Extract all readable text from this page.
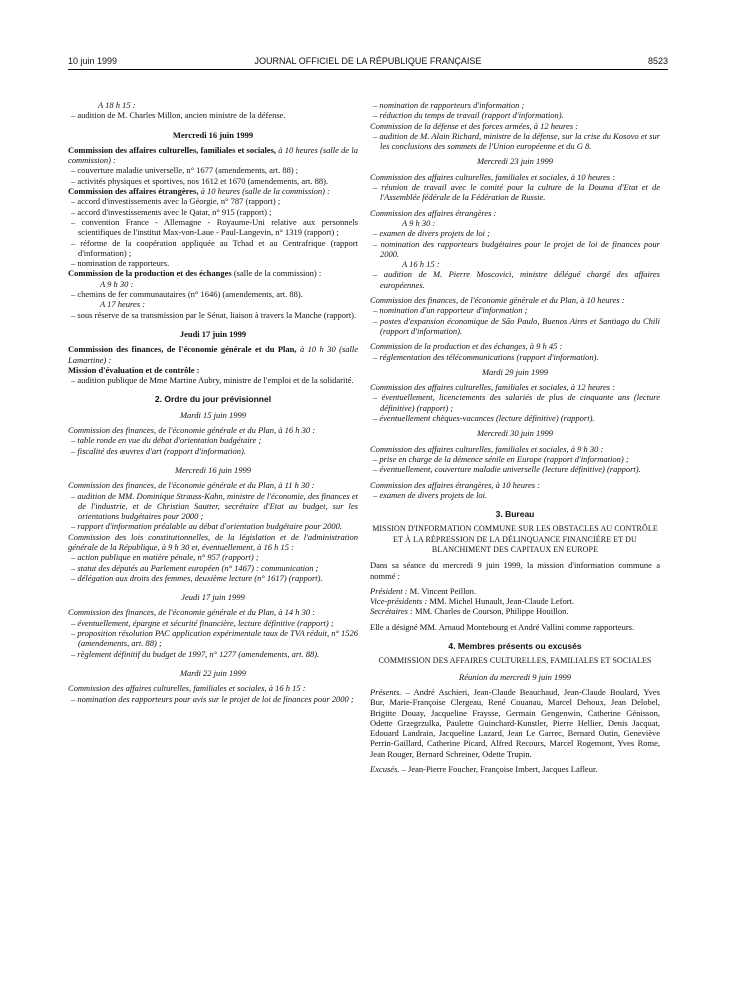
10 juin 1999	JOURNAL OFFICIEL DE LA RÉPUBLIQUE FRANÇAISE	8523

A 18 h 15 :

– audition de M. Charles Millon, ancien ministre de la défense.

Mercredi 16 juin 1999

Commission des affaires culturelles, familiales et sociales, à 10 heures (salle de la commission) :

– couverture maladie universelle, n° 1677 (amendements, art. 88) ;

– activités physiques et sportives, nos 1612 et 1670 (amendements, art. 88).

Commission des affaires étrangères, à 10 heures (salle de la commission) :

– accord d'investissements avec la Géorgie, n° 787 (rapport) ;

– accord d'investissements avec le Qatar, n° 915 (rapport) ;

– convention France - Allemagne - Royaume-Uni relative aux personnels scientifiques de l'institut Max-von-Laue - Paul-Langevin, n° 1319 (rapport) ;

– réforme de la coopération appliquée au Tchad et au Centrafrique (rapport d'information) ;

– nomination de rapporteurs.

Commission de la production et des échanges (salle de la commission) :

A 9 h 30 :

– chemins de fer communautaires (n° 1646) (amendements, art. 88).

A 17 heures :

– sous réserve de sa transmission par le Sénat, liaison à travers la Manche (rapport).

Jeudi 17 juin 1999

Commission des finances, de l'économie générale et du Plan, à 10 h 30 (salle Lamartine) :

Mission d'évaluation et de contrôle :

– audition publique de Mme Martine Aubry, ministre de l'emploi et de la solidarité.

2. Ordre du jour prévisionnel

Mardi 15 juin 1999

Commission des finances, de l'économie générale et du Plan, à 16 h 30 :

– table ronde en vue du débat d'orientation budgétaire ;

– fiscalité des œuvres d'art (rapport d'information).

Mercredi 16 juin 1999

Commission des finances, de l'économie générale et du Plan, à 11 h 30 :

– audition de MM. Dominique Strauss-Kahn, ministre de l'économie, des finances et de l'industrie, et de Christian Sautter, secrétaire d'Etat au budget, sur les orientations budgétaires pour 2000 ;

– rapport d'information préalable au débat d'orientation budgétaire pour 2000.

Commission des lois constitutionnelles, de la législation et de l'administration générale de la République, à 9 h 30 et, éventuellement, à 16 h 15 :

– action publique en matière pénale, n° 957 (rapport) ;

– statut des députés au Parlement européen (n° 1467) : communication ;

– délégation aux droits des femmes, deuxième lecture (n° 1617) (rapport).

Jeudi 17 juin 1999

Commission des finances, de l'économie générale et du Plan, à 14 h 30 :

– éventuellement, épargne et sécurité financière, lecture définitive (rapport) ;

– proposition résolution PAC application expérimentale taux de TVA réduit, n° 1526 (amendements, art. 88) ;

– règlement définitif du budget de 1997, n° 1277 (amendements, art. 88).

Mardi 22 juin 1999

Commission des affaires culturelles, familiales et sociales, à 16 h 15 :

– nomination des rapporteurs pour avis sur le projet de loi de finances pour 2000 ;

– nomination de rapporteurs d'information ;

– réduction du temps de travail (rapport d'information).

Commission de la défense et des forces armées, à 12 heures :

– audition de M. Alain Richard, ministre de la défense, sur la crise du Kosovo et sur les conclusions des sommets de l'Union européenne et du G 8.

Mercredi 23 juin 1999

Commission des affaires culturelles, familiales et sociales, à 10 heures :

– réunion de travail avec le comité pour la culture de la Douma d'Etat et de l'Assemblée fédérale de la Fédération de Russie.

Commission des affaires étrangères :

A 9 h 30 :

– examen de divers projets de loi ;

– nomination des rapporteurs budgétaires pour le projet de loi de finances pour 2000.

A 16 h 15 :

– audition de M. Pierre Moscovici, ministre délégué chargé des affaires européennes.

Commission des finances, de l'économie générale et du Plan, à 10 heures :

– nomination d'un rapporteur d'information ;

– postes d'expansion économique de São Paulo, Buenos Aires et Santiago du Chili (rapport d'information).

Commission de la production et des échanges, à 9 h 45 :

– réglementation des télécommunications (rapport d'information).

Mardi 29 juin 1999

Commission des affaires culturelles, familiales et sociales, à 12 heures :

– éventuellement, licenciements des salariés de plus de cinquante ans (lecture définitive) (rapport) ;

– éventuellement chèques-vacances (lecture définitive) (rapport).

Mercredi 30 juin 1999

Commission des affaires culturelles, familiales et sociales, à 9 h 30 :

– prise en charge de la démence sénile en Europe (rapport d'information) ;

– éventuellement, couverture maladie universelle (lecture définitive) (rapport).

Commission des affaires étrangères, à 10 heures :

– examen de divers projets de loi.

3. Bureau

MISSION D'INFORMATION COMMUNE SUR LES OBSTACLES AU CONTRÔLE ET À LA RÉPRESSION DE LA DÉLINQUANCE FINANCIÈRE ET DU BLANCHIMENT DES CAPITAUX EN EUROPE

Dans sa séance du mercredi 9 juin 1999, la mission d'information commune a nommé :

Président : M. Vincent Peillon.

Vice-présidents : MM. Michel Hunault, Jean-Claude Lefort.

Secrétaires : MM. Charles de Courson, Philippe Houillon.

Elle a désigné MM. Arnaud Montebourg et André Vallini comme rapporteurs.

4. Membres présents ou excusés

COMMISSION DES AFFAIRES CULTURELLES, FAMILIALES ET SOCIALES

Réunion du mercredi 9 juin 1999

Présents. – André Aschieri, Jean-Claude Beauchaud, Jean-Claude Boulard, Yves Bur, Marie-Françoise Clergeau, René Couanau, Marcel Dehoux, Jean Delobel, Brigitte Douay, Jacqueline Fraysse, Germain Gengenwin, Catherine Génisson, Odette Grzegrzulka, Paulette Guinchard-Kunstler, Pierre Hellier, Denis Jacquat, Edouard Landrain, Jacqueline Lazard, Jean Le Garrec, Bernard Outin, Geneviève Perrin-Gaillard, Catherine Picard, Alfred Recours, Marcel Rogemont, Yves Rome, Jean Rouger, Bernard Schreiner, Odette Trupin.

Excusés. – Jean-Pierre Foucher, Françoise Imbert, Jacques Lafleur.
